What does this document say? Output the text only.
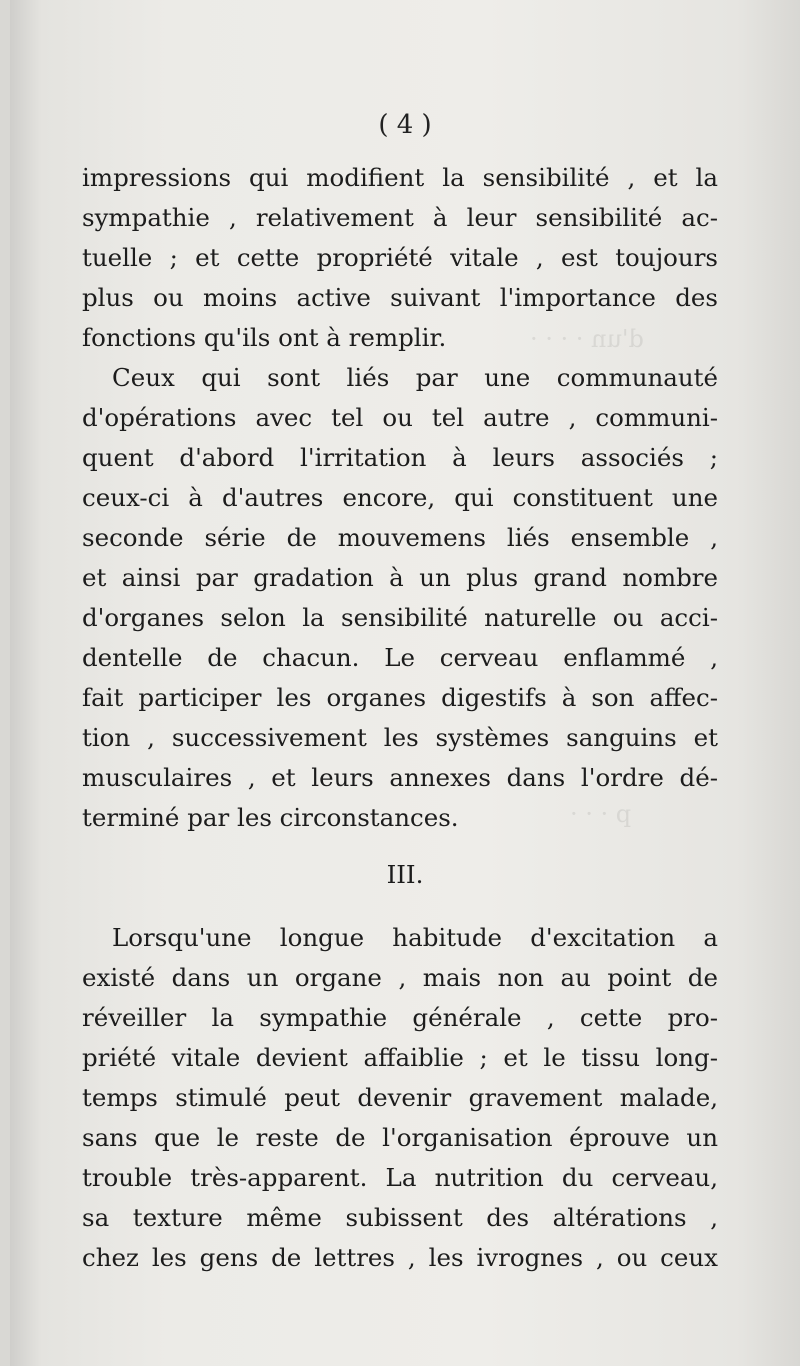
d'un · · · ·
p · · ·
( 4 )
impressions qui modifient la sensibilité , et la
sympathie , relativement à leur sensibilité ac-
tuelle ; et cette propriété vitale , est toujours
plus ou moins active suivant l'importance des
fonctions qu'ils ont à remplir.
Ceux qui sont liés par une communauté
d'opérations avec tel ou tel autre , communi-
quent d'abord l'irritation à leurs associés ;
ceux-ci à d'autres encore, qui constituent une
seconde série de mouvemens liés ensemble ,
et ainsi par gradation à un plus grand nombre
d'organes selon la sensibilité naturelle ou acci-
dentelle de chacun. Le cerveau enflammé ,
fait participer les organes digestifs à son affec-
tion , successivement les systèmes sanguins et
musculaires , et leurs annexes dans l'ordre dé-
terminé par les circonstances.
III.
Lorsqu'une longue habitude d'excitation a
existé dans un organe , mais non au point de
réveiller la sympathie générale , cette pro-
priété vitale devient affaiblie ; et le tissu long-
temps stimulé peut devenir gravement malade,
sans que le reste de l'organisation éprouve un
trouble très-apparent. La nutrition du cerveau,
sa texture même subissent des altérations ,
chez les gens de lettres , les ivrognes , ou ceux
